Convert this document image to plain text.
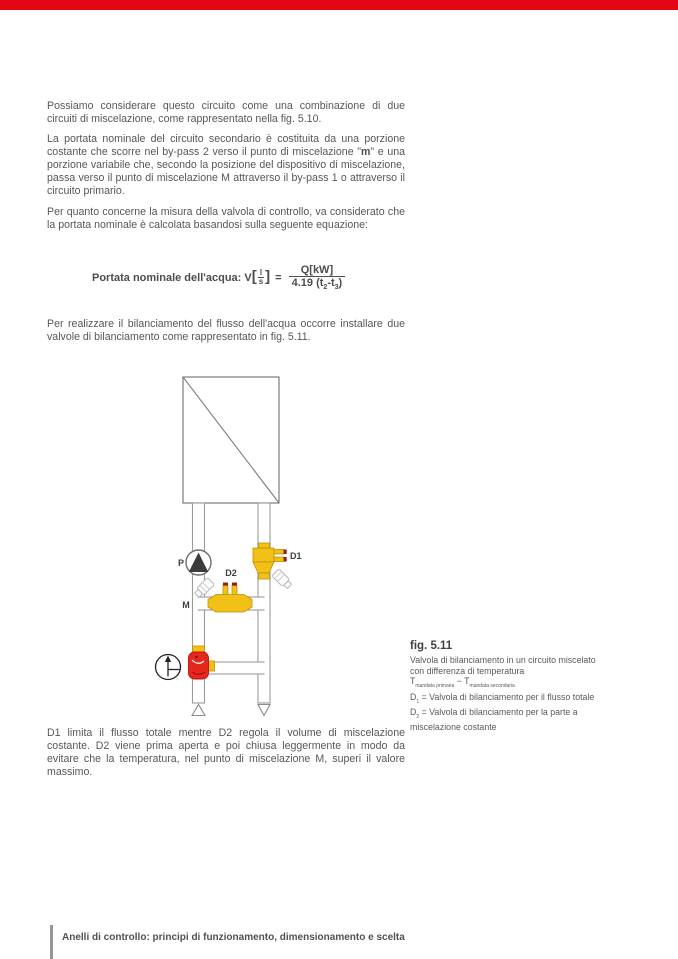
Possiamo considerare questo circuito come una combinazione di due circuiti di miscelazione, come rappresentato nella fig. 5.10.
La portata nominale del circuito secondario è costituita da una porzione costante che scorre nel by-pass 2 verso il punto di miscelazione "m" e una porzione variabile che, secondo la posizione del dispositivo di miscelazione, passa verso il punto di miscelazione M attraverso il by-pass 1 o attraverso il circuito primario.
Per quanto concerne la misura della valvola di controllo, va considerato che la portata nominale è calcolata basandosi sulla seguente equazione:
Portata nominale dell'acqua: V [ $\frac{l}{s}$ ] = $\frac{Q[kW]}{4.19 (t_2-t_3)}$
Per realizzare il bilanciamento del flusso dell'acqua occorre installare due valvole di bilanciamento come rappresentato in fig. 5.11.
P
D1
D2
M
fig. 5.11
Valvola di bilanciamento in un circuito miscelato
con differenza di temperatura
$T_{mandata primaria} - T_{mandata secondaria}$
$D_1$ = Valvola di bilanciamento per il flusso totale
$D_2$ = Valvola di bilanciamento per la parte a
miscelazione costante
D1 limita il flusso totale mentre D2 regola il volume di miscelazione costante. D2 viene prima aperta e poi chiusa leggermente in modo da evitare che la temperatura, nel punto di miscelazione M, superi il valore massimo.
Anelli di controllo: principi di funzionamento, dimensionamento e scelta
